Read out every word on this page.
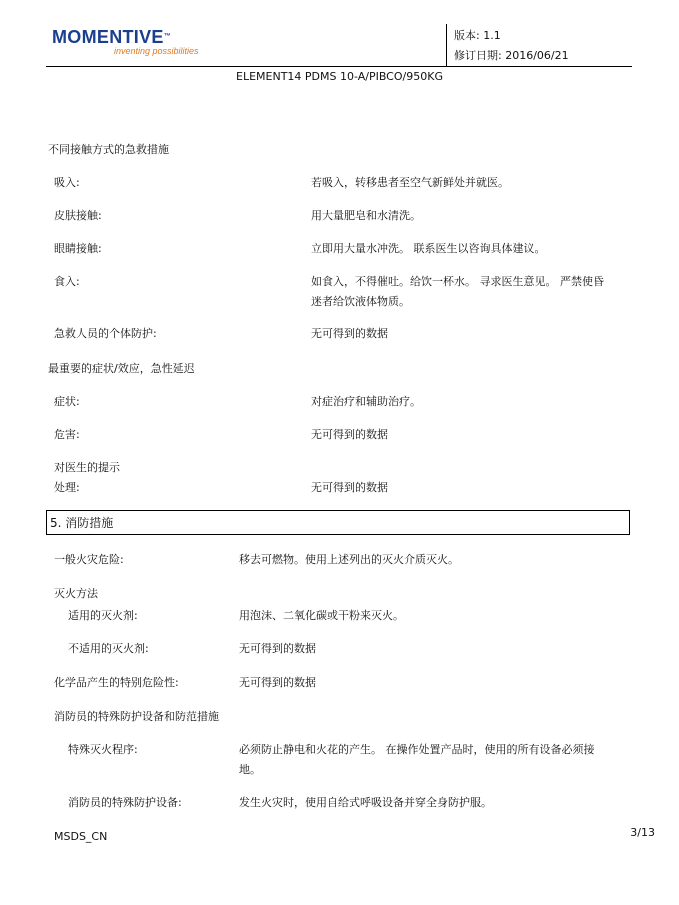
MOMENTIVE™
inventing possibilities
版本: 1.1
修订日期: 2016/06/21
ELEMENT14 PDMS 10-A/PIBCO/950KG
不同接触方式的急救措施
吸入:	若吸入，转移患者至空气新鲜处并就医。
皮肤接触:	用大量肥皂和水清洗。
眼睛接触:	立即用大量水冲洗。 联系医生以咨询具体建议。
食入:	如食入，不得催吐。给饮一杯水。 寻求医生意见。 严禁使昏
迷者给饮液体物质。
急救人员的个体防护:	无可得到的数据
最重要的症状/效应，急性延迟
症状:	对症治疗和辅助治疗。
危害:	无可得到的数据
对医生的提示
处理:	无可得到的数据
5. 消防措施
一般火灾危险:	移去可燃物。使用上述列出的灭火介质灭火。
灭火方法
适用的灭火剂:	用泡沫、二氧化碳或干粉来灭火。
不适用的灭火剂:	无可得到的数据
化学品产生的特别危险性:	无可得到的数据
消防员的特殊防护设备和防范措施
特殊灭火程序:	必须防止静电和火花的产生。 在操作处置产品时，使用的所有设备必须接
地。
消防员的特殊防护设备:	发生火灾时，使用自给式呼吸设备并穿全身防护服。
MSDS_CN	3/13
